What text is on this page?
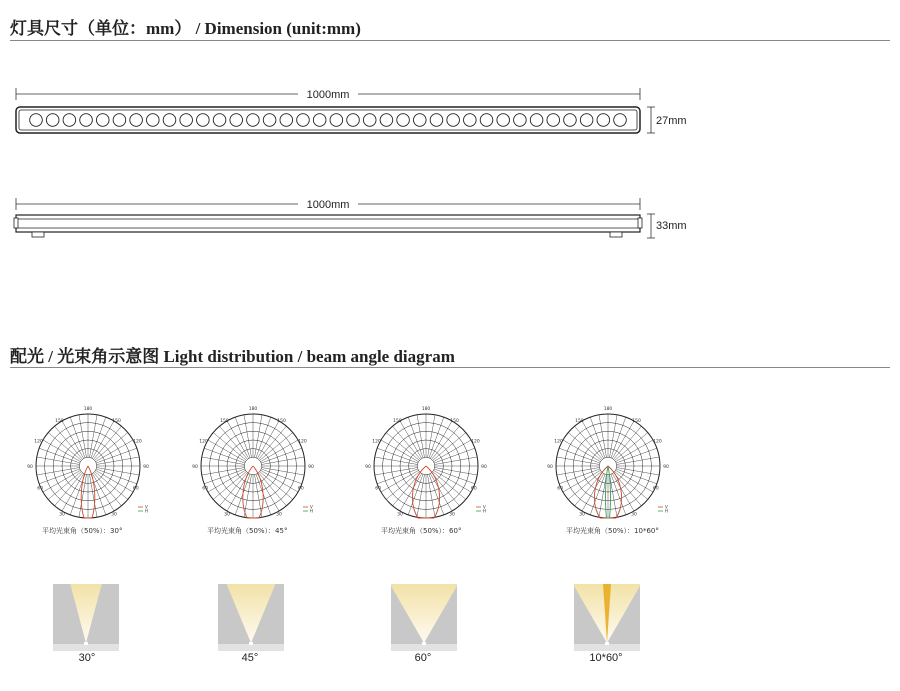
灯具尺寸（单位：mm） / Dimension (unit:mm)
1000mm
27mm
1000mm
33mm
配光 / 光束角示意图 Light distribution / beam angle diagram
180
150	150
120	120
90	90
60	60
30	30
V
H
180
150	150
120	120
90	90
60	60
30	30
V
H
180
150	150
120	120
90	90
60	60
30	30
V
H
180
150	150
120	120
90	90
60	60
30	30
V
H
平均光束角（50%）：30°	平均光束角（50%）：45°	平均光束角（50%）：60°	平均光束角（50%）：10*60°
30°	45°	60°	10*60°
